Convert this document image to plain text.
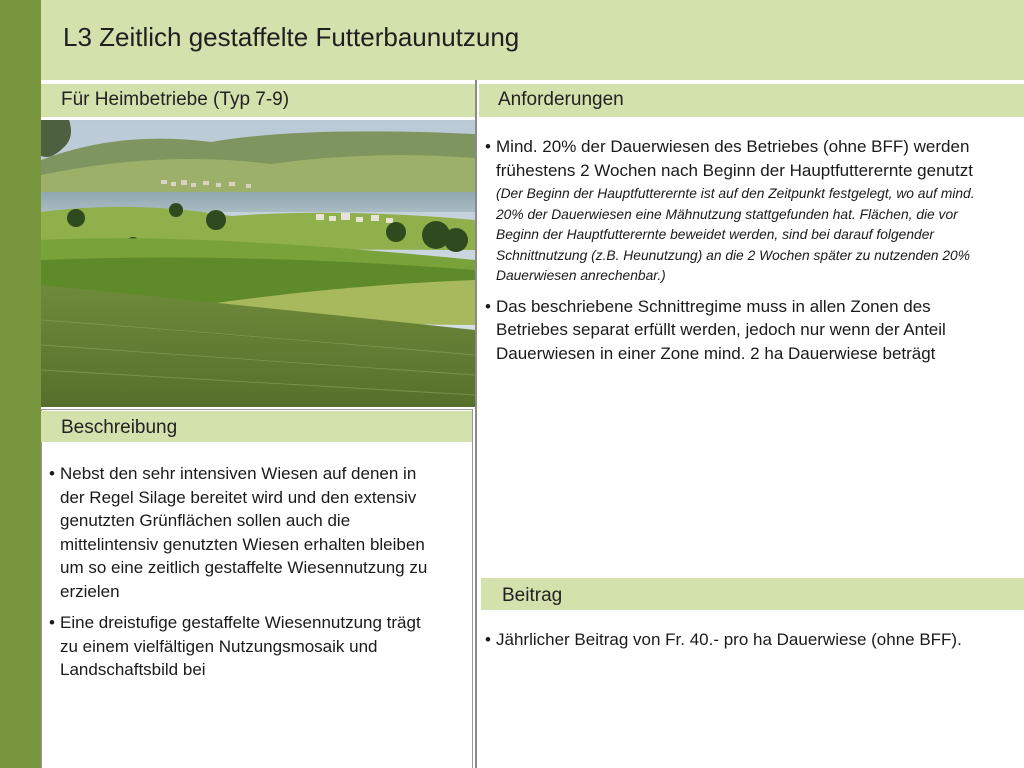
L3 Zeitlich gestaffelte Futterbaunutzung
Für Heimbetriebe (Typ 7-9)
Beschreibung
• Nebst den sehr intensiven Wiesen auf denen in der Regel Silage bereitet wird und den extensiv genutzten Grünflächen sollen auch die mittelintensiv genutzten Wiesen erhalten bleiben um so eine zeitlich gestaffelte Wiesennutzung zu erzielen
• Eine dreistufige gestaffelte Wiesennutzung trägt zu einem vielfältigen Nutzungsmosaik und Landschaftsbild bei
Anforderungen
• Mind. 20% der Dauerwiesen des Betriebes (ohne BFF) werden frühestens 2 Wochen nach Beginn der Hauptfutterernte genutzt
(Der Beginn der Hauptfutterernte ist auf den Zeitpunkt festgelegt, wo auf mind. 20% der Dauerwiesen eine Mähnutzung stattgefunden hat. Flächen, die vor Beginn der Hauptfutterernte beweidet werden, sind bei darauf folgender Schnittnutzung (z.B. Heunutzung) an die 2 Wochen später zu nutzenden 20% Dauerwiesen anrechenbar.)
• Das beschriebene Schnittregime muss in allen Zonen des Betriebes separat erfüllt werden, jedoch nur wenn der Anteil Dauerwiesen in einer Zone mind. 2 ha Dauerwiese beträgt
Beitrag
• Jährlicher Beitrag von Fr. 40.- pro ha Dauerwiese (ohne BFF).
